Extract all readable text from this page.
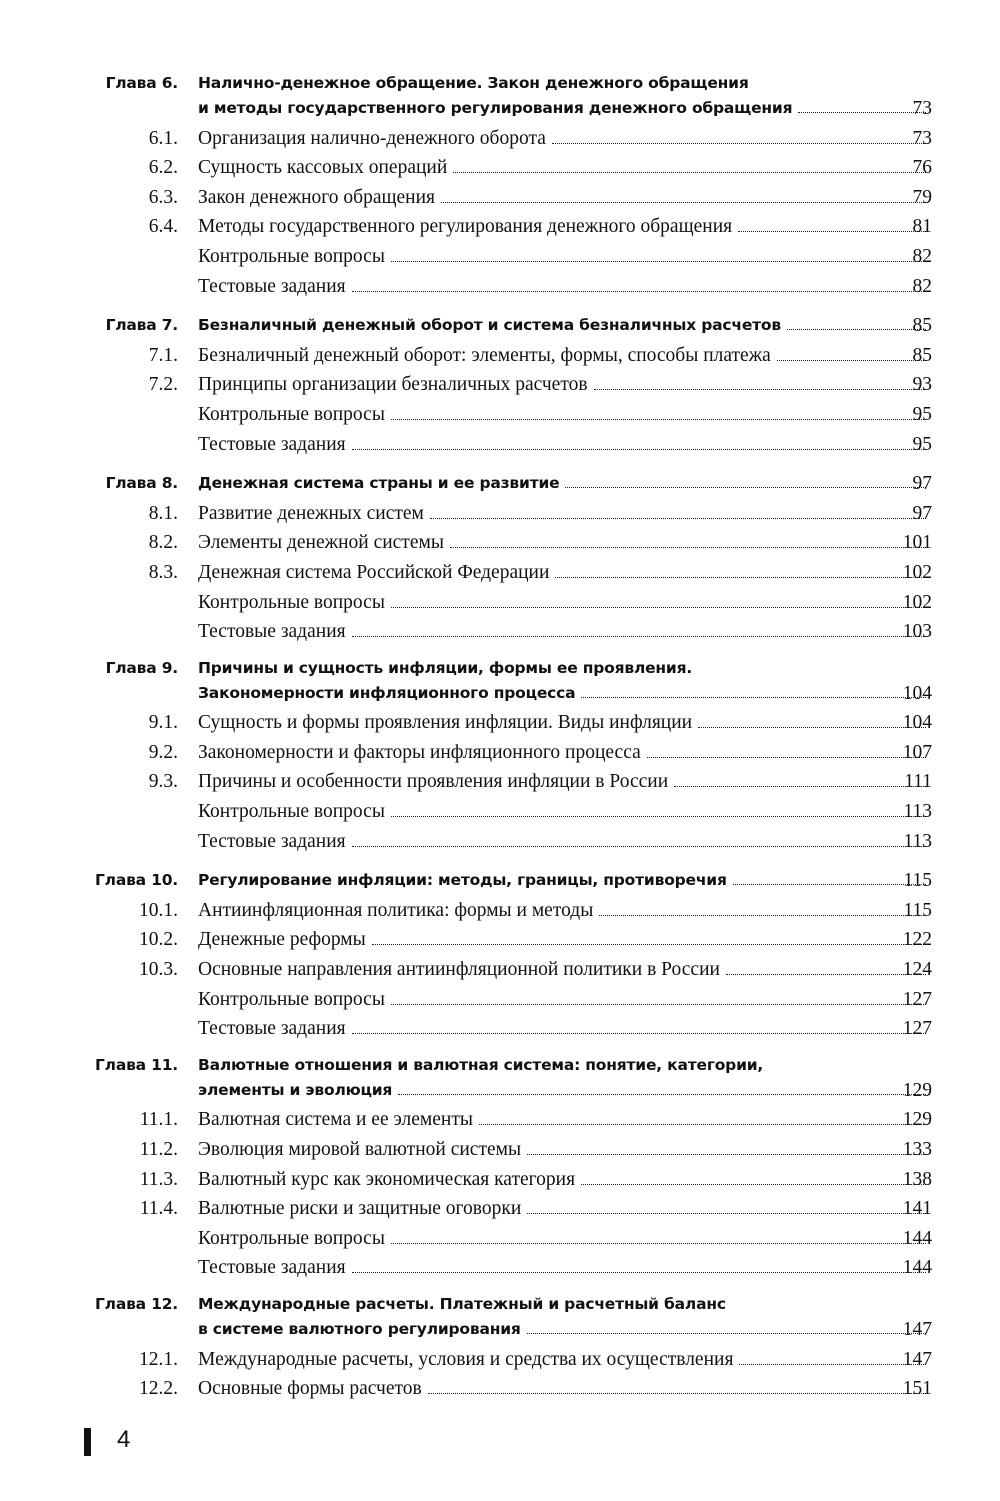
Глава 6. Налично-денежное обращение. Закон денежного обращения
и методы государственного регулирования денежного обращения	73
6.1. Организация налично-денежного оборота	73
6.2. Сущность кассовых операций	76
6.3. Закон денежного обращения	79
6.4. Методы государственного регулирования денежного обращения	81
Контрольные вопросы	82
Тестовые задания	82
Глава 7. Безналичный денежный оборот и система безналичных расчетов	85
7.1. Безналичный денежный оборот: элементы, формы, способы платежа	85
7.2. Принципы организации безналичных расчетов	93
Контрольные вопросы	95
Тестовые задания	95
Глава 8. Денежная система страны и ее развитие	97
8.1. Развитие денежных систем	97
8.2. Элементы денежной системы	101
8.3. Денежная система Российской Федерации	102
Контрольные вопросы	102
Тестовые задания	103
Глава 9. Причины и сущность инфляции, формы ее проявления.
Закономерности инфляционного процесса	104
9.1. Сущность и формы проявления инфляции. Виды инфляции	104
9.2. Закономерности и факторы инфляционного процесса	107
9.3. Причины и особенности проявления инфляции в России	111
Контрольные вопросы	113
Тестовые задания	113
Глава 10. Регулирование инфляции: методы, границы, противоречия	115
10.1. Антиинфляционная политика: формы и методы	115
10.2. Денежные реформы	122
10.3. Основные направления антиинфляционной политики в России	124
Контрольные вопросы	127
Тестовые задания	127
Глава 11. Валютные отношения и валютная система: понятие, категории,
элементы и эволюция	129
11.1. Валютная система и ее элементы	129
11.2. Эволюция мировой валютной системы	133
11.3. Валютный курс как экономическая категория	138
11.4. Валютные риски и защитные оговорки	141
Контрольные вопросы	144
Тестовые задания	144
Глава 12. Международные расчеты. Платежный и расчетный баланс
в системе валютного регулирования	147
12.1. Международные расчеты, условия и средства их осуществления	147
12.2. Основные формы расчетов	151
4
